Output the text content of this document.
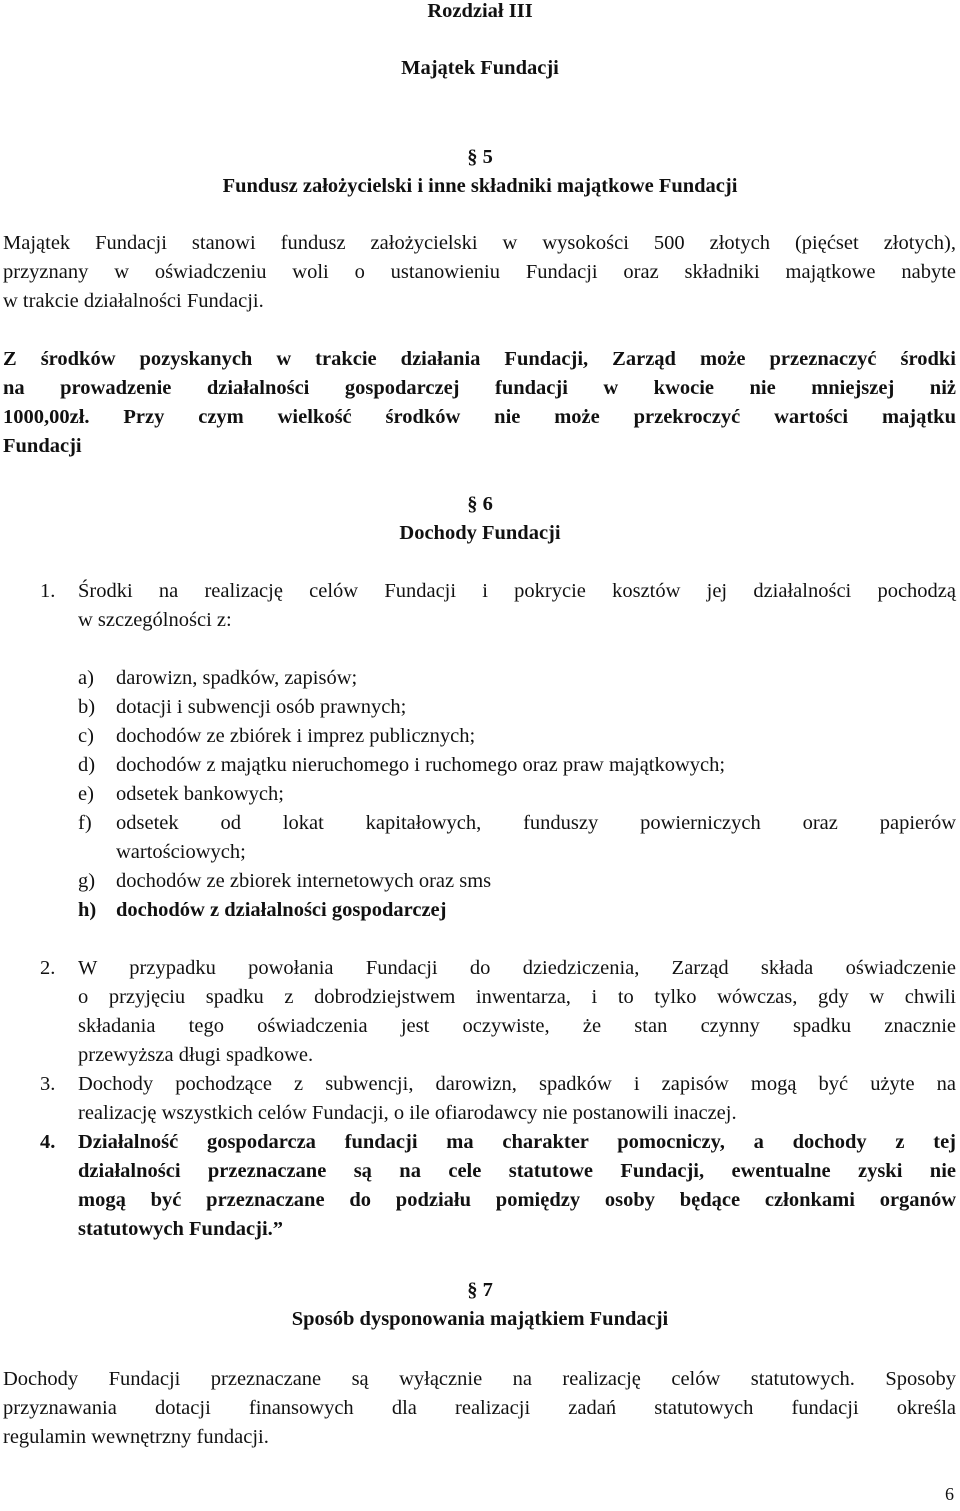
Rozdział III
Majątek Fundacji
§ 5
Fundusz założycielski i inne składniki majątkowe Fundacji
Majątek Fundacji stanowi fundusz założycielski w wysokości 500 złotych (pięćset złotych),
przyznany w oświadczeniu woli o ustanowieniu Fundacji oraz składniki majątkowe nabyte
w trakcie działalności Fundacji.
Z środków pozyskanych w trakcie działania Fundacji, Zarząd może przeznaczyć środki
na prowadzenie działalności gospodarczej fundacji w kwocie nie mniejszej niż
1000,00zł. Przy czym wielkość środków nie może przekroczyć wartości majątku
Fundacji
§ 6
Dochody Fundacji
1. Środki na realizację celów Fundacji i pokrycie kosztów jej działalności pochodzą
w szczególności z:
a) darowizn, spadków, zapisów;
b) dotacji i subwencji osób prawnych;
c) dochodów ze zbiórek i imprez publicznych;
d) dochodów z majątku nieruchomego i ruchomego oraz praw majątkowych;
e) odsetek bankowych;
f) odsetek od lokat kapitałowych, funduszy powierniczych oraz papierów
wartościowych;
g) dochodów ze zbiorek internetowych oraz sms
h) dochodów z działalności gospodarczej
2. W przypadku powołania Fundacji do dziedziczenia, Zarząd składa oświadczenie
o przyjęciu spadku z dobrodziejstwem inwentarza, i to tylko wówczas, gdy w chwili
składania tego oświadczenia jest oczywiste, że stan czynny spadku znacznie
przewyższa długi spadkowe.
3. Dochody pochodzące z subwencji, darowizn, spadków i zapisów mogą być użyte na
realizację wszystkich celów Fundacji, o ile ofiarodawcy nie postanowili inaczej.
4. Działalność gospodarcza fundacji ma charakter pomocniczy, a dochody z tej
działalności przeznaczane są na cele statutowe Fundacji, ewentualne zyski nie
mogą być przeznaczane do podziału pomiędzy osoby będące członkami organów
statutowych Fundacji.”
§ 7
Sposób dysponowania majątkiem Fundacji
Dochody Fundacji przeznaczane są wyłącznie na realizację celów statutowych. Sposoby
przyznawania dotacji finansowych dla realizacji zadań statutowych fundacji określa
regulamin wewnętrzny fundacji.
6
